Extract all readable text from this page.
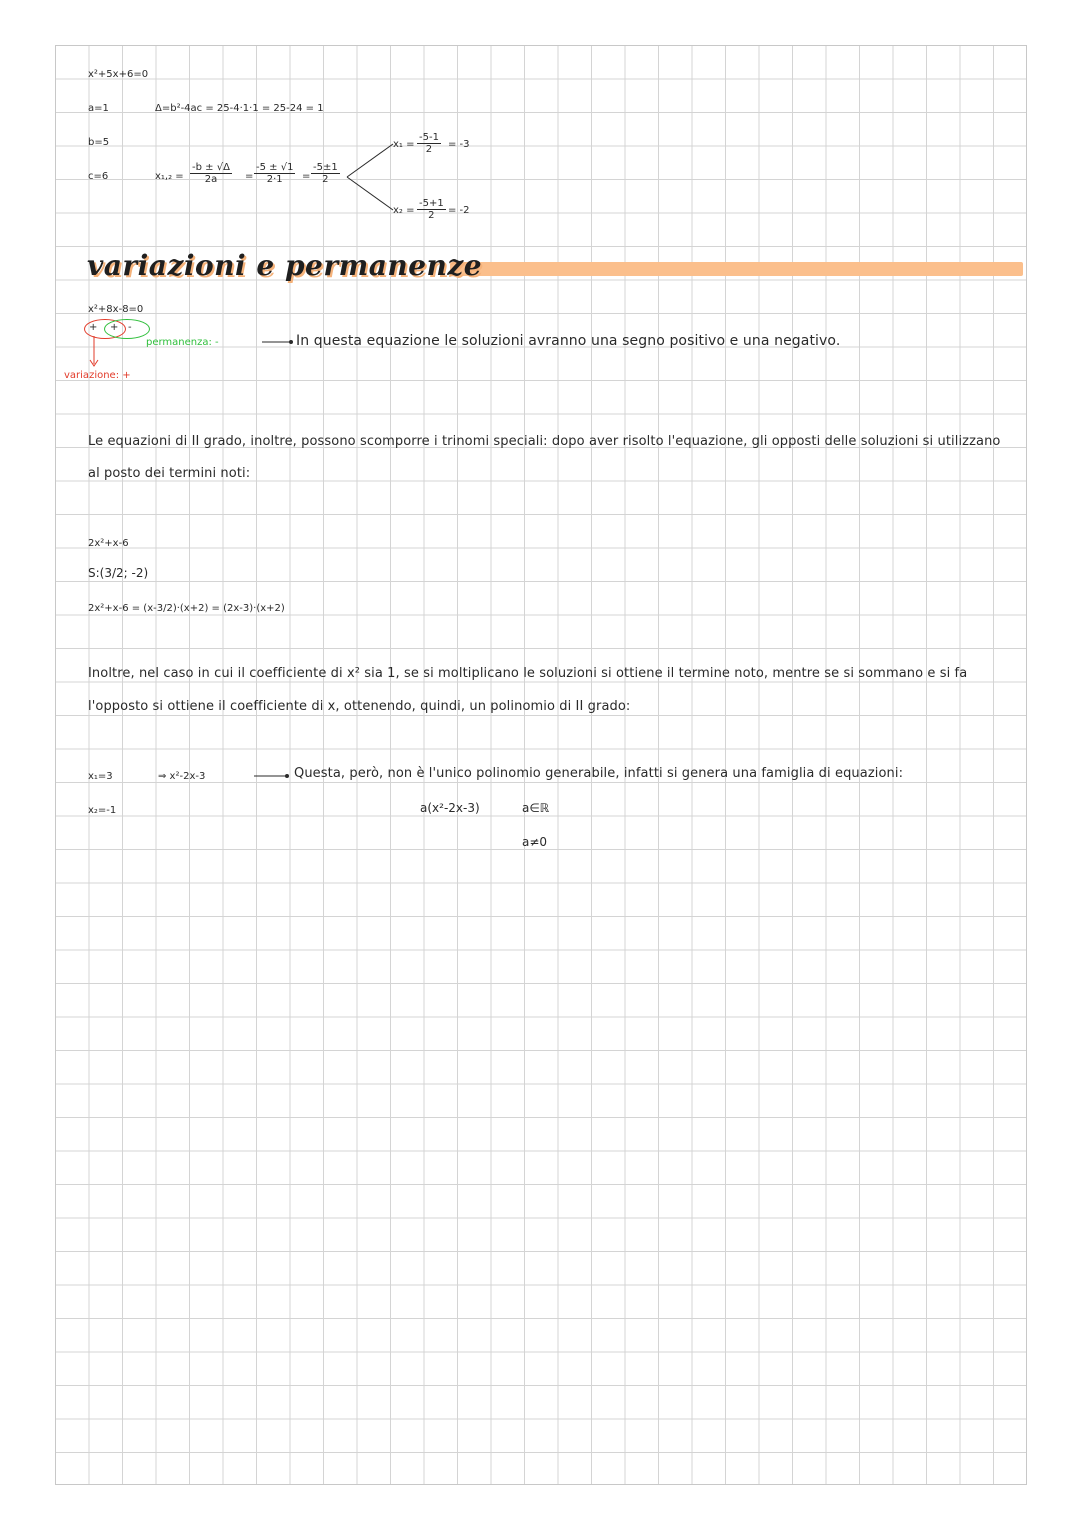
x²+5x+6=0
a=1	Δ=b²-4ac = 25-4·1·1 = 25-24 = 1
b=5
c=6	$x_1,_2 = \frac{-b \pm √\Delta}{2a} = \frac{-5 \pm √1}{2\cdot 1} = \frac{-5\pm 1}{2}$
$x_1 = \frac{-5-1}{2} = -3$
$x_2 = \frac{-5+1}{2} = -2$
variazioni e permanenze
x²+8x-8=0
+ + -
permanenza: -
variazione: +
In questa equazione le soluzioni avranno una segno positivo e una negativo.
Le equazioni di II grado, inoltre, possono scomporre i trinomi speciali: dopo aver risolto l'equazione, gli opposti delle soluzioni si utilizzano
al posto dei termini noti:
2x²+x-6
S:(3/2; -2)
2x²+x-6 = (x-3/2)·(x+2) = (2x-3)·(x+2)
Inoltre, nel caso in cui il coefficiente di x² sia 1, se si moltiplicano le soluzioni si ottiene il termine noto, mentre se si sommano e si fa
l'opposto si ottiene il coefficiente di x, ottenendo, quindi, un polinomio di II grado:
x₁=3	⇒ x²-2x-3	Questa, però, non è l'unico polinomio generabile, infatti si genera una famiglia di equazioni:
x₂=-1	a(x²-2x-3)	a∈ℝ
a≠0
